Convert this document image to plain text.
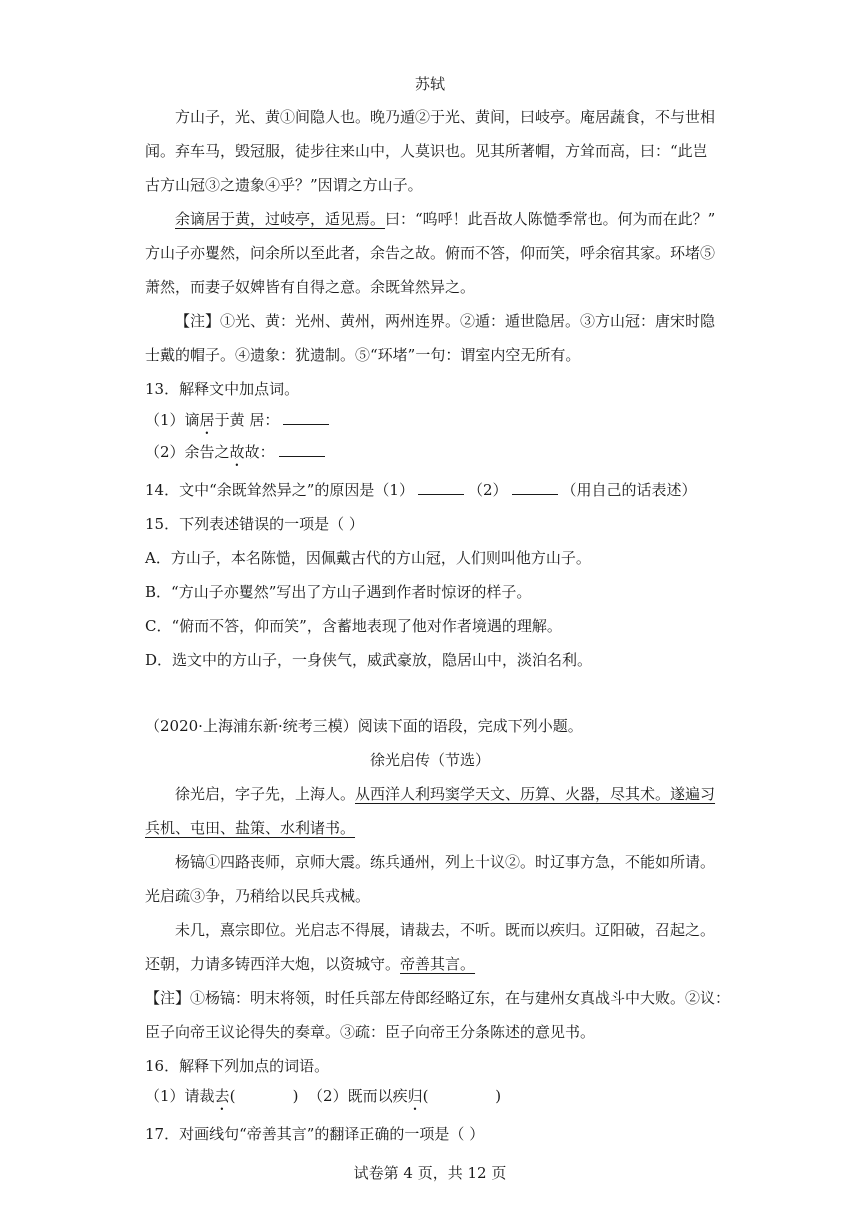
苏轼
方山子，光、黄①间隐人也。晚乃遁②于光、黄间，曰岐亭。庵居蔬食，不与世相
闻。弃车马，毁冠服，徒步往来山中，人莫识也。见其所著帽，方耸而高，曰：“此岂
古方山冠③之遗象④乎？”因谓之方山子。
余谪居于黄，过岐亭，适见焉。曰：“呜呼！此吾故人陈慥季常也。何为而在此？”
方山子亦矍然，问余所以至此者，余告之故。俯而不答，仰而笑，呼余宿其家。环堵⑤
萧然，而妻子奴婢皆有自得之意。余既耸然异之。
【注】①光、黄：光州、黄州，两州连界。②遁：遁世隐居。③方山冠：唐宋时隐
士戴的帽子。④遗象：犹遗制。⑤“环堵”一句：谓室内空无所有。
13．解释文中加点词。
（1）谪居于黄 居：
（2）余告之故故：
14．文中“余既耸然异之”的原因是（1）	（2）	（用自己的话表述）
15．下列表述错误的一项是（ ）
A．方山子，本名陈慥，因佩戴古代的方山冠，人们则叫他方山子。
B．“方山子亦矍然”写出了方山子遇到作者时惊讶的样子。
C．“俯而不答，仰而笑”，含蓄地表现了他对作者境遇的理解。
D．选文中的方山子，一身侠气，威武豪放，隐居山中，淡泊名利。
（2020·上海浦东新·统考三模）阅读下面的语段，完成下列小题。
徐光启传（节选）
徐光启，字子先，上海人。从西洋人利玛窦学天文、历算、火器，尽其术。遂遍习
兵机、屯田、盐策、水利诸书。
杨镐①四路丧师，京师大震。练兵通州，列上十议②。时辽事方急，不能如所请。
光启疏③争，乃稍给以民兵戎械。
未几，熹宗即位。光启志不得展，请裁去，不听。既而以疾归。辽阳破，召起之。
还朝，力请多铸西洋大炮，以资城守。帝善其言。
【注】①杨镐：明末将领，时任兵部左侍郎经略辽东，在与建州女真战斗中大败。②议：
臣子向帝王议论得失的奏章。③疏：臣子向帝王分条陈述的意见书。
16．解释下列加点的词语。
（1）请裁去(            ) （2）既而以疾归(              )
17．对画线句“帝善其言”的翻译正确的一项是（ ）
试卷第 4 页，共 12 页
